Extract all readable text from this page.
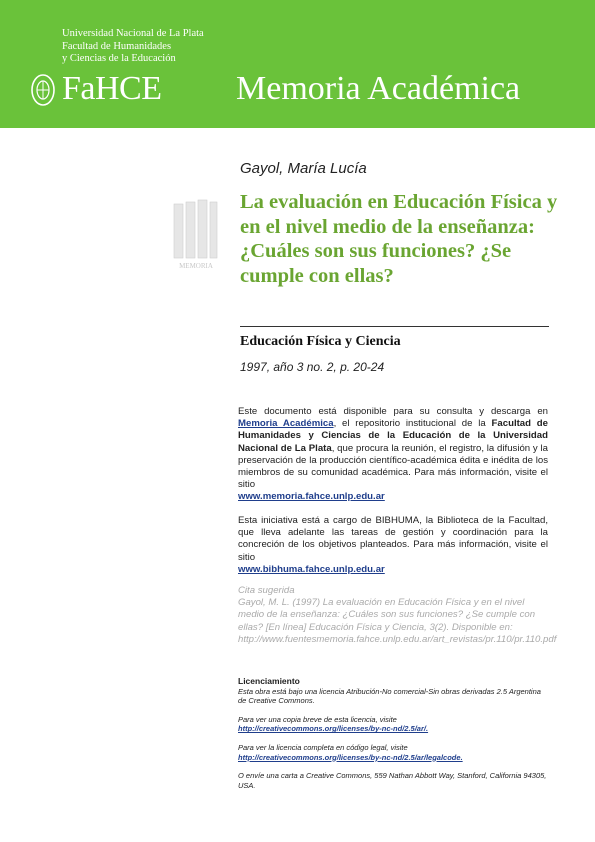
Universidad Nacional de La Plata
Facultad de Humanidades
y Ciencias de la Educación
FaHCE Memoria Académica
MEMORIA
Gayol, María Lucía
La evaluación en Educación Física y en el nivel medio de la enseñanza: ¿Cuáles son sus funciones? ¿Se cumple con ellas?
Educación Física y Ciencia
1997, año 3 no. 2, p. 20-24
Este documento está disponible para su consulta y descarga en Memoria Académica, el repositorio institucional de la Facultad de Humanidades y Ciencias de la Educación de la Universidad Nacional de La Plata, que procura la reunión, el registro, la difusión y la preservación de la producción científico-académica édita e inédita de los miembros de su comunidad académica. Para más información, visite el sitio
www.memoria.fahce.unlp.edu.ar
Esta iniciativa está a cargo de BIBHUMA, la Biblioteca de la Facultad, que lleva adelante las tareas de gestión y coordinación para la concreción de los objetivos planteados. Para más información, visite el sitio
www.bibhuma.fahce.unlp.edu.ar
Cita sugerida
Gayol, M. L. (1997) La evaluación en Educación Física y en el nivel medio de la enseñanza: ¿Cuáles son sus funciones? ¿Se cumple con ellas? [En línea] Educación Física y Ciencia, 3(2). Disponible en: http://www.fuentesmemoria.fahce.unlp.edu.ar/art_revistas/pr.110/pr.110.pdf
Licenciamiento
Esta obra está bajo una licencia Atribución-No comercial-Sin obras derivadas 2.5 Argentina de Creative Commons.
Para ver una copia breve de esta licencia, visite
http://creativecommons.org/licenses/by-nc-nd/2.5/ar/.
Para ver la licencia completa en código legal, visite
http://creativecommons.org/licenses/by-nc-nd/2.5/ar/legalcode.
O envíe una carta a Creative Commons, 559 Nathan Abbott Way, Stanford, California 94305, USA.
